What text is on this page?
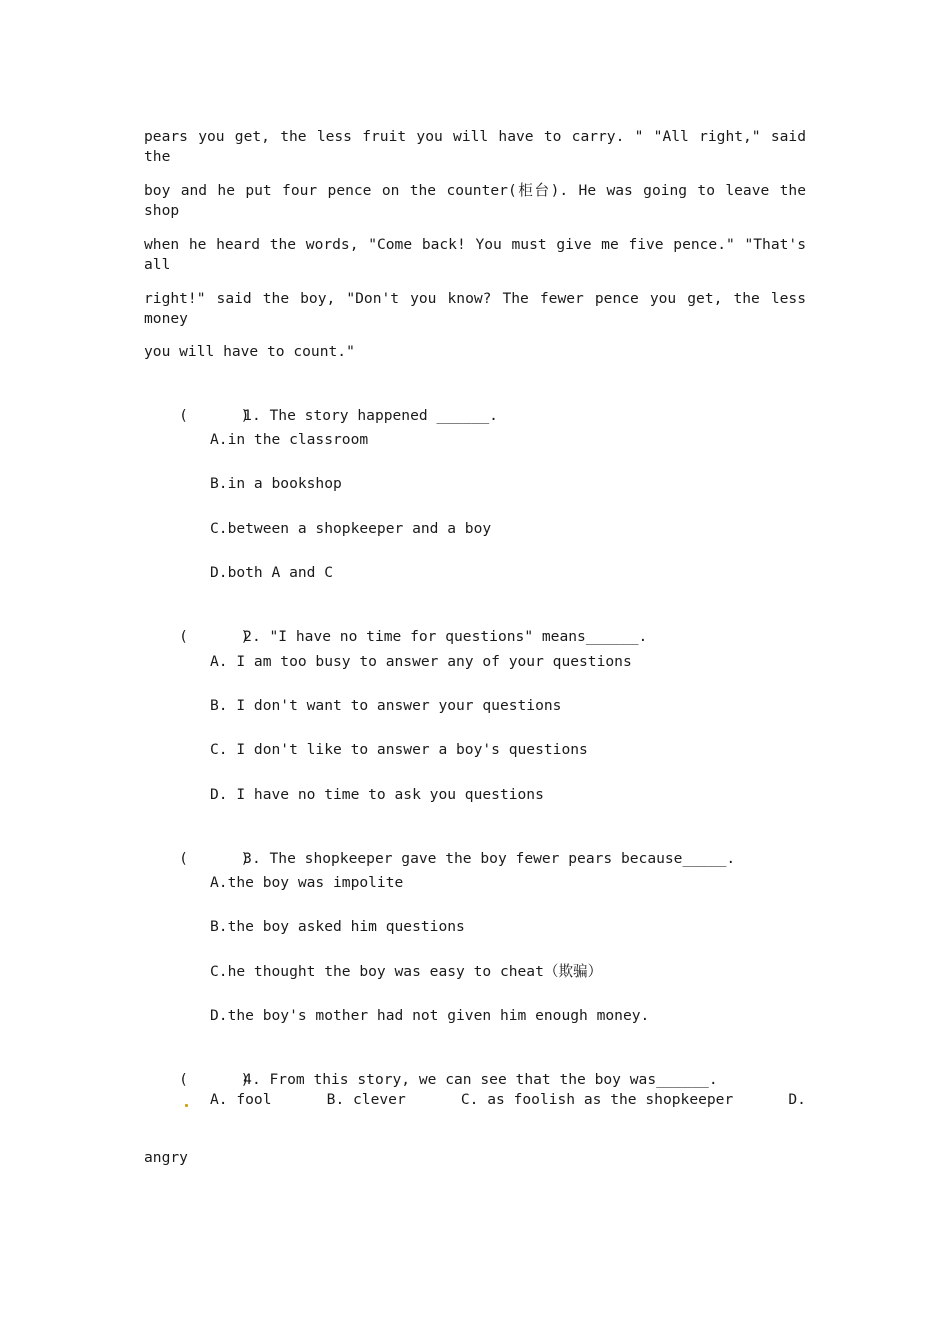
pears you get, the less fruit you will have to carry. " "All right," said the
boy and he put four pence on the counter(柜台). He was going to leave the shop
when he heard the words, "Come back! You must give me five pence." "That's all
right!" said the boy, "Don't you know? The fewer pence you get, the less money
you will have to count."

(      )1. The story happened ______.

A.in the classroom
B.in a bookshop
C.between a shopkeeper and a boy
D.both A and C

(      )2. "I have no time for questions" means______.

A. I am too busy to answer any of your questions
B. I don't want to answer your questions
C. I don't like to answer a boy's questions
D. I have no time to ask you questions

(      )3. The shopkeeper gave the boy fewer pears because_____.

A.the boy was impolite
B.the boy asked him questions
C.he thought the boy was easy to cheat（欺骗）
D.the boy's mother had not given him enough money.

(      )4. From this story, we can see that the boy was______.

A. fool	B. clever	C. as foolish as the shopkeeper	D.
angry
